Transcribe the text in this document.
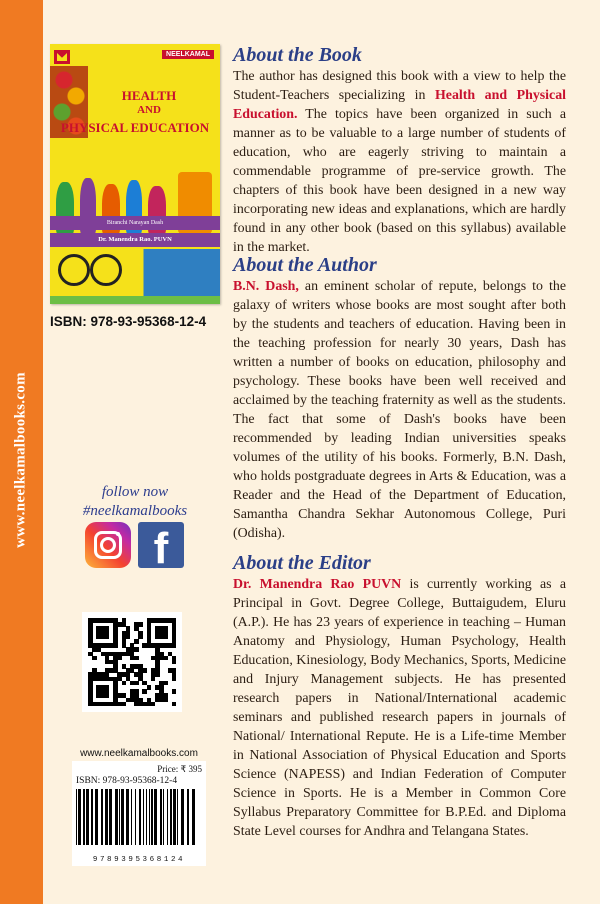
www.neelkamalbooks.com
NEELKAMAL
HEALTH
AND
PHYSICAL EDUCATION
Biranchi Narayan Dash
Dr. Manendra Rao. PUVN
ISBN: 978-93-95368-12-4
follow now
#neelkamalbooks
f
www.neelkamalbooks.com
Price: ₹ 395
ISBN: 978-93-95368-12-4
9789395368124
About the Book

The author has designed this book with a view to help the Student-Teachers specializing in Health and Physical Education. The topics have been organized in such a manner as to be valuable to a large number of students of education, who are eagerly striving to maintain a commendable programme of pre-service growth. The chapters of this book have been designed in a new way incorporating new ideas and explanations, which are hardly found in any other book (based on this syllabus) available in the market.

About the Author

B.N. Dash, an eminent scholar of repute, belongs to the galaxy of writers whose books are most sought after both by the students and teachers of education. Having been in the teaching profession for nearly 30 years, Dash has written a number of books on education, philosophy and psychology. These books have been well received and acclaimed by the teaching fraternity as well as the students. The fact that some of Dash's books have been recommended by leading Indian universities speaks volumes of the utility of his books. Formerly, B.N. Dash, who holds postgraduate degrees in Arts & Education, was a Reader and the Head of the Department of Education, Samantha Chandra Sekhar Autonomous College, Puri (Odisha).

About the Editor

Dr. Manendra Rao PUVN is currently working as a Principal in Govt. Degree College, Buttaigudem, Eluru (A.P.). He has 23 years of experience in teaching – Human Anatomy and Physiology, Human Psychology, Health Education, Kinesiology, Body Mechanics, Sports, Medicine and Injury Management subjects. He has presented research papers in National/International academic seminars and published research papers in journals of National/ International Repute. He is a Life-time Member in National Association of Physical Education and Sports Science (NAPESS) and Indian Federation of Computer Science in Sports. He is a Member in Common Core Syllabus Preparatory Committee for B.P.Ed. and Diploma State Level courses for Andhra and Telangana States.
